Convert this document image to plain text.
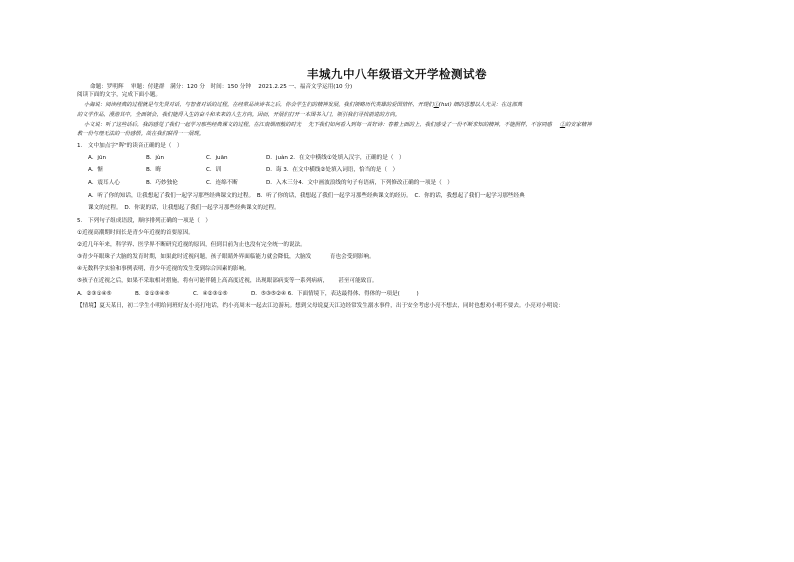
丰城九中八年级语文开学检测试卷
命题：罗明辉　 审题：付建群　满分：120 分　时间：150 分钟　 2021.2.25 一、福音文学运用(10 分)
阅读下面的文字，完成下面小题。
小海说：阅读经典的过程就是与先贤对话，与智者对话的过程。在经常品读诗书之后，你会学生们的精神发展。我们领略历代英雄的爱国情怀，开现们①(hui) 细的思想以人光灵：在这部典
的文学作品，漫游其中，全面领会，我们能得入生的奋斗和未来的人生方向。因而，开展们打开一本图书入门，领引我们寻找前进的方向。
小文说：听了这些话后，我的感觉了我们一起学习那些经典课文的过程。在江南烟雨般的时光　 先下我们如何看入到每一首好诗：春着上面的上，我们感受了一份不断求知的精神，不能照样，不容同感 ②的安家精神
教一份与理无法的一份感悟。故在我们联得一一展现。
1.　文中加点字"晖"的读音正确的是（　）
A．jūn	B．jùn	C．juān	D．juàn 2．在文中横线①处填入汉字，正确的是（　）
A．惭	B．晦	C．训	D．诲 3．在文中横线②处填入词语，恰当的是（　）
A．震耳人心	B．巧妙独伦	C．连绵不断	D．入木三分4．文中画波浪线的句子有语病，下列修改正确的一项是（　）
A．听了你的知话，让我想起了我们一起学习那些经典课文的过程。　B．听了你的话，我想起了我们一起学习那些经典课文的经历。　C．你的话，我想起了我们一起学习那些经典
课文的过程。　D．你说的话，让我想起了我们一起学习那些经典课文的过程。
5.　下列句子组成语段，顺序排列正确的一项是（　）
①近视高潮期时间长是青少年近视的首要原因。
②近几年年来，科学界、医学界不断研究近视的原因，但到目前为止也没有完全统一的说法。
③青少年眼珠子大脑的发育时期，如果此时近视问题，孩子眼睛外界面临能力就会降低，大脑发　　　 育也会受到影响。
④无数科学实验和事例表明，青少年近视的发生受到综合因素的影响。
⑤孩子在近视之后，如果不采取相对措施，将有可能伴随上高高度近视，出现眼部病变等一系列病病，　　 甚至可能致盲。
A．②③①④⑤	B．②①③④⑤	C．④②③①⑤	D．⑤③⑤②④ 6．下面情境下，表达最得体、得体的一项是(　　　)
【情境】夏天某日，初二学生小明给同班好友小亮打电话，约小亮周末一起去江边游玩。想到父母说夏天江边经常发生溺水事件，出于安全考虑小亮不想去，同时也想劝小明不要去。小亮对小明说：
